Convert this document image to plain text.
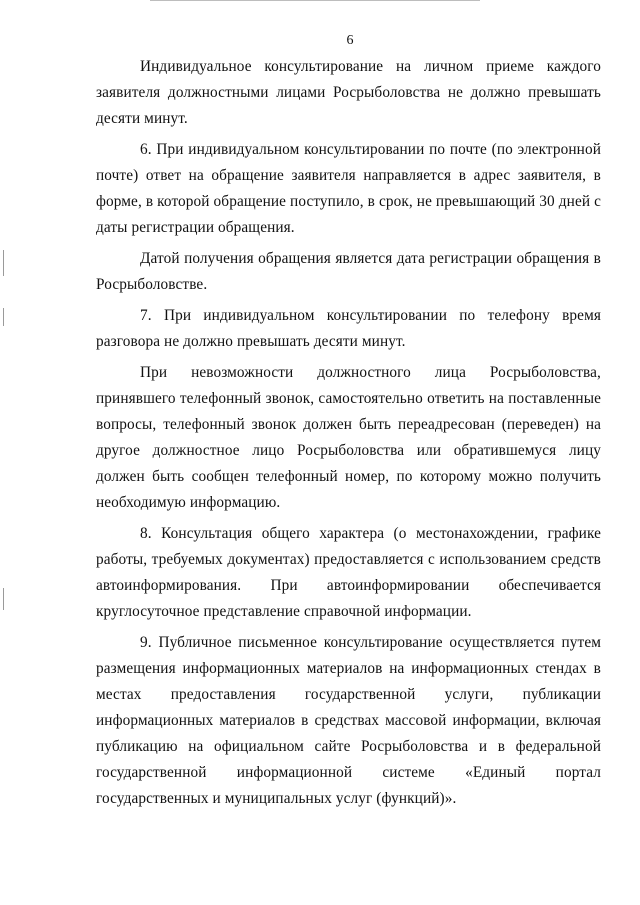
6

Индивидуальное консультирование на личном приеме каждого заявителя должностными лицами Росрыболовства не должно превышать десяти минут.

6. При индивидуальном консультировании по почте (по электронной почте) ответ на обращение заявителя направляется в адрес заявителя, в форме, в которой обращение поступило, в срок, не превышающий 30 дней с даты регистрации обращения.

Датой получения обращения является дата регистрации обращения в Росрыболовстве.

7. При индивидуальном консультировании по телефону время разговора не должно превышать десяти минут.

При невозможности должностного лица Росрыболовства, принявшего телефонный звонок, самостоятельно ответить на поставленные вопросы, телефонный звонок должен быть переадресован (переведен) на другое должностное лицо Росрыболовства или обратившемуся лицу должен быть сообщен телефонный номер, по которому можно получить необходимую информацию.

8. Консультация общего характера (о местонахождении, графике работы, требуемых документах) предоставляется с использованием средств автоинформирования. При автоинформировании обеспечивается круглосуточное представление справочной информации.

9. Публичное письменное консультирование осуществляется путем размещения информационных материалов на информационных стендах в местах предоставления государственной услуги, публикации информационных материалов в средствах массовой информации, включая публикацию на официальном сайте Росрыболовства и в федеральной государственной информационной системе «Единый портал государственных и муниципальных услуг (функций)».
